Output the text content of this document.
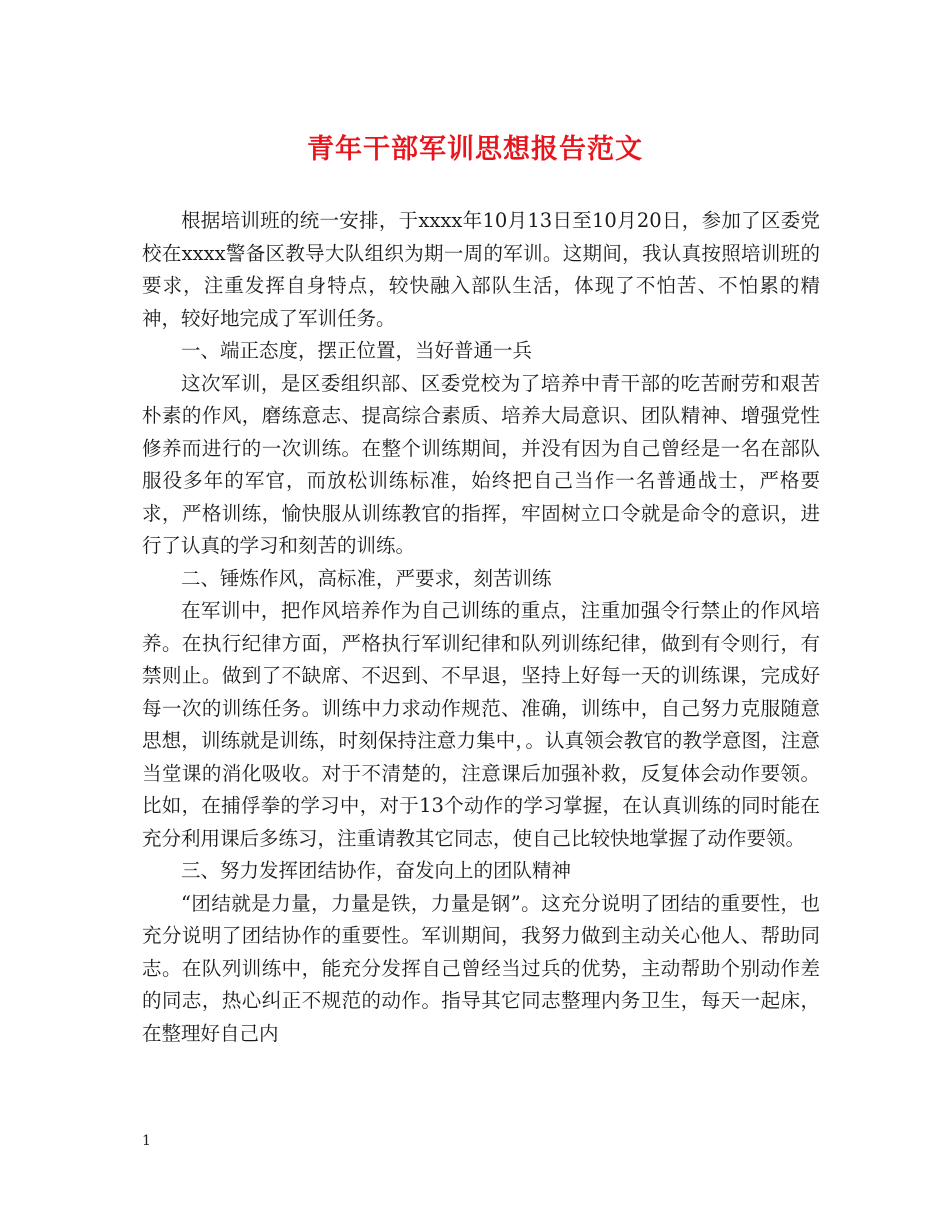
青年干部军训思想报告范文

根据培训班的统一安排，于xxxx年10月13日至10月20日，参加了区委党校在xxxx警备区教导大队组织为期一周的军训。这期间，我认真按照培训班的要求，注重发挥自身特点，较快融入部队生活，体现了不怕苦、不怕累的精神，较好地完成了军训任务。

一、端正态度，摆正位置，当好普通一兵

这次军训，是区委组织部、区委党校为了培养中青干部的吃苦耐劳和艰苦朴素的作风，磨练意志、提高综合素质、培养大局意识、团队精神、增强党性修养而进行的一次训练。在整个训练期间，并没有因为自己曾经是一名在部队服役多年的军官，而放松训练标准，始终把自己当作一名普通战士，严格要求，严格训练，愉快服从训练教官的指挥，牢固树立口令就是命令的意识，进行了认真的学习和刻苦的训练。

二、锤炼作风，高标准，严要求，刻苦训练

在军训中，把作风培养作为自己训练的重点，注重加强令行禁止的作风培养。在执行纪律方面，严格执行军训纪律和队列训练纪律，做到有令则行，有禁则止。做到了不缺席、不迟到、不早退，坚持上好每一天的训练课，完成好每一次的训练任务。训练中力求动作规范、准确，训练中，自己努力克服随意思想，训练就是训练，时刻保持注意力集中，。认真领会教官的教学意图，注意当堂课的消化吸收。对于不清楚的，注意课后加强补救，反复体会动作要领。比如，在捕俘拳的学习中，对于13个动作的学习掌握，在认真训练的同时能在充分利用课后多练习，注重请教其它同志，使自己比较快地掌握了动作要领。

三、努力发挥团结协作，奋发向上的团队精神

“团结就是力量，力量是铁，力量是钢”。这充分说明了团结的重要性，也充分说明了团结协作的重要性。军训期间，我努力做到主动关心他人、帮助同志。在队列训练中，能充分发挥自己曾经当过兵的优势，主动帮助个别动作差的同志，热心纠正不规范的动作。指导其它同志整理内务卫生，每天一起床，在整理好自己内

1
